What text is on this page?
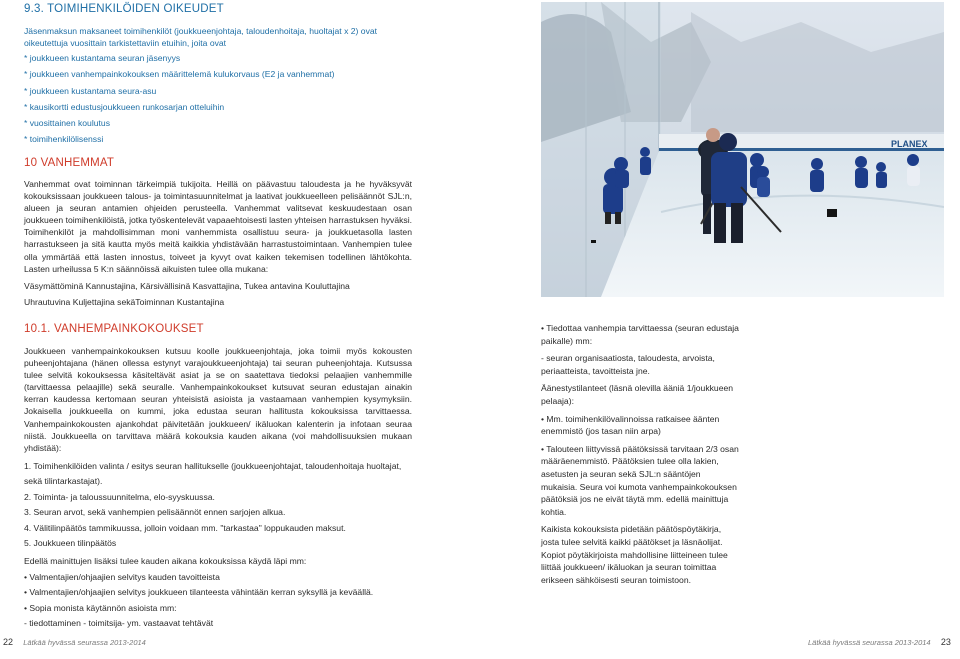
9.3. TOIMIHENKILÖIDEN OIKEUDET

Jäsenmaksun maksaneet toimihenkilöt (joukkueenjohtaja, taloudenhoitaja, huoltajat x 2) ovat oikeutettuja vuosittain tarkistettaviin etuihin, joita ovat

* joukkueen kustantama seuran jäsenyys
* joukkueen vanhempainkokouksen määrittelemä kulukorvaus (E2 ja vanhemmat)
* joukkueen kustantama seura-asu
* kausikortti edustusjoukkueen runkosarjan otteluihin
* vuosittainen koulutus
* toimihenkilölisenssi
10 VANHEMMAT

Vanhemmat ovat toiminnan tärkeimpiä tukijoita. Heillä on päävastuu taloudesta ja he hyväksyvät kokouksissaan joukkueen talous- ja toimintasuunnitelmat ja laativat joukkueelleen pelisäännöt SJL:n, alueen ja seuran antamien ohjeiden perusteella. Vanhemmat valitsevat keskuudestaan osan joukkueen toimihenkilöistä, jotka työskentelevät vapaaehtoisesti lasten yhteisen harrastuksen hyväksi. Toimihenkilöt ja mahdollisimman moni vanhemmista osallistuu seura- ja joukkuetasolla lasten harrastukseen ja sitä kautta myös meitä kaikkia yhdistävään harrastustoimintaan. Vanhempien tulee olla ymmärtää että lasten innostus, toiveet ja kyvyt ovat kaiken tekemisen todellinen lähtökohta. Lasten urheilussa 5 K:n säännöissä aikuisten tulee olla mukana:

Väsymättöminä Kannustajina, Kärsivällisinä Kasvattajina, Tukea antavina Kouluttajina

Uhrautuvina Kuljettajina sekäToiminnan Kustantajina

10.1. VANHEMPAINKOKOUKSET

Joukkueen vanhempainkokouksen kutsuu koolle joukkueenjohtaja, joka toimii myös kokousten puheenjohtajana (hänen ollessa estynyt varajoukkueenjohtaja) tai seuran puheenjohtaja. Kutsussa tulee selvitä kokouksessa käsiteltävät asiat ja se on saatettava tiedoksi pelaajien vanhemmille (tarvittaessa pelaajille) sekä seuralle. Vanhempainkokoukset kutsuvat seuran edustajan ainakin kerran kaudessa kertomaan seuran yhteisistä asioista ja vastaamaan vanhempien kysymyksiin. Jokaisella joukkueella on kummi, joka edustaa seuran hallitusta kokouksissa tarvittaessa. Vanhempainkokousten ajankohdat päivitetään joukkueen/ ikäluokan kalenterin ja infotaan seuraa niistä. Joukkueella on tarvittava määrä kokouksia kauden aikana (voi mahdollisuuksien mukaan yhdistää):

1. Toimihenkilöiden valinta / esitys seuran hallitukselle (joukkueenjohtajat, taloudenhoitaja huoltajat, sekä tilintarkastajat).
2. Toiminta- ja taloussuunnitelma, elo-syyskuussa.
3. Seuran arvot, sekä vanhempien pelisäännöt ennen sarjojen alkua.
4. Välitilinpäätös tammikuussa, jolloin voidaan mm. "tarkastaa" loppukauden maksut.
5. Joukkueen tilinpäätös

Edellä mainittujen lisäksi tulee kauden aikana kokouksissa käydä läpi mm:

• Valmentajien/ohjaajien selvitys kauden tavoitteista
• Valmentajien/ohjaajien selvitys joukkueen tilanteesta vähintään kerran syksyllä ja keväällä.
• Sopia monista käytännön asioista mm:
- tiedottaminen - toimitsija- ym. vastaavat tehtävät

• Tiedottaa vanhempia tarvittaessa (seuran edustaja paikalle) mm:

- seuran organisaatiosta, taloudesta, arvoista, periaatteista, tavoitteista jne.

Äänestystilanteet (läsnä olevilla ääniä 1/joukkueen pelaaja):

• Mm. toimihenkilövalinnoissa ratkaisee äänten enemmistö (jos tasan niin arpa)

• Talouteen liittyvissä päätöksissä tarvitaan 2/3 osan määräenemmistö. Päätöksien tulee olla lakien, asetusten ja seuran sekä SJL:n sääntöjen mukaisia. Seura voi kumota vanhempainkokouksen päätöksiä jos ne eivät täytä mm. edellä mainittuja kohtia.

Kaikista kokouksista pidetään päätöspöytäkirja, josta tulee selvitä kaikki päätökset ja läsnäolijat. Kopiot pöytäkirjoista mahdollisine liitteineen tulee liittää joukkueen/ ikäluokan ja seuran toimittaa erikseen sähköisesti seuran toimistoon.

PLANEX
22 Lätkää hyvässä seurassa 2013-2014	Lätkää hyvässä seurassa 2013-2014 23
